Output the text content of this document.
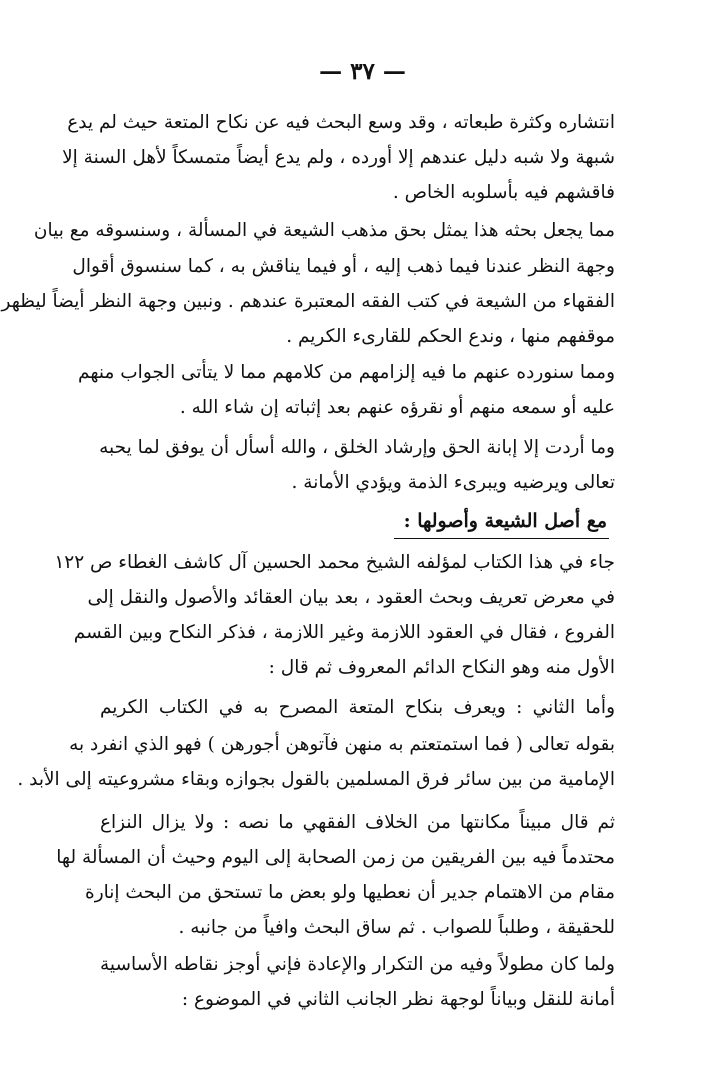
— ٣٧ —
انتشاره وكثرة طبعاته ، وقد وسع البحث فيه عن نكاح المتعة حيث لم يدع
شبهة ولا شبه دليل عندهم إلا أورده ، ولم يدع أيضاً متمسكاً لأهل السنة إلا
فاقشهم فيه بأسلوبه الخاص .
مما يجعل بحثه هذا يمثل بحق مذهب الشيعة في المسألة ، وسنسوقه مع بيان
وجهة النظر عندنا فيما ذهب إليه ، أو فيما يناقش به ، كما سنسوق أقوال
الفقهاء من الشيعة في كتب الفقه المعتبرة عندهم . ونبين وجهة النظر أيضاً ليظهر
موقفهم منها ، وندع الحكم للقارىء الكريم .
ومما سنورده عنهم ما فيه إلزامهم من كلامهم مما لا يتأتى الجواب منهم
عليه أو سمعه منهم أو نقرؤه عنهم بعد إثباته إن شاء الله .
وما أردت إلا إبانة الحق وإرشاد الخلق ، والله أسأل أن يوفق لما يحبه
تعالى ويرضيه ويبرىء الذمة ويؤدي الأمانة .
مع أصل الشيعة وأصولها :
جاء في هذا الكتاب لمؤلفه الشيخ محمد الحسين آل كاشف الغطاء ص ١٢٢
في معرض تعريف وبحث العقود ، بعد بيان العقائد والأصول والنقل إلى
الفروع ، فقال في العقود اللازمة وغير اللازمة ، فذكر النكاح وبين القسم
الأول منه وهو النكاح الدائم المعروف ثم قال :
وأما الثاني : ويعرف بنكاح المتعة المصرح به في الكتاب الكريم
بقوله تعالى ( فما استمتعتم به منهن فآتوهن أجورهن ) فهو الذي انفرد به
الإمامية من بين سائر فرق المسلمين بالقول بجوازه وبقاء مشروعيته إلى الأبد .
ثم قال مبيناً مكانتها من الخلاف الفقهي ما نصه : ولا يزال النزاع
محتدماً فيه بين الفريقين من زمن الصحابة إلى اليوم وحيث أن المسألة لها
مقام من الاهتمام جدير أن نعطيها ولو بعض ما تستحق من البحث إنارة
للحقيقة ، وطلباً للصواب . ثم ساق البحث وافياً من جانبه .
ولما كان مطولاً وفيه من التكرار والإعادة فإني أوجز نقاطه الأساسية
أمانة للنقل وبياناً لوجهة نظر الجانب الثاني في الموضوع :
